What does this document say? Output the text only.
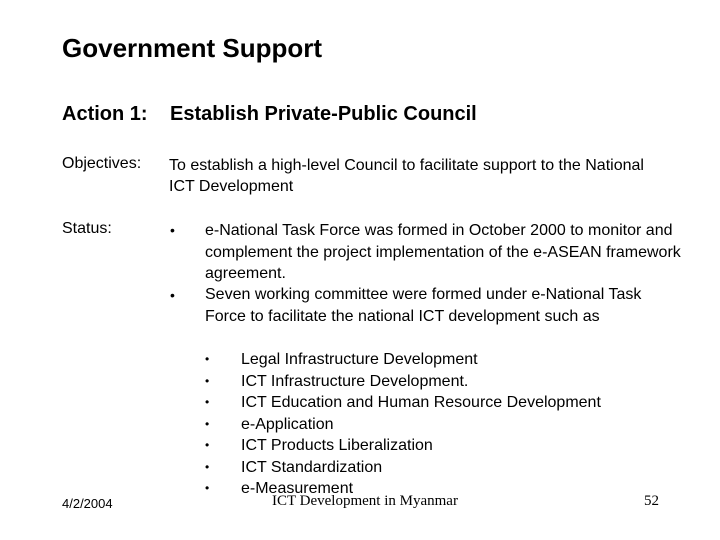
Government Support
Action 1: Establish Private-Public Council
Objectives: To establish a high-level Council to facilitate support to the National ICT Development
Status:	• e-National Task Force was formed in October 2000 to monitor and complement the project implementation of the e-ASEAN framework agreement.
• Seven working committee were formed under e-National Task Force to facilitate the national ICT development such as
• Legal Infrastructure Development
• ICT Infrastructure Development.
• ICT Education and Human Resource Development
• e-Application
• ICT Products Liberalization
• ICT Standardization
• e-Measurement
4/2/2004	ICT Development in Myanmar	52
